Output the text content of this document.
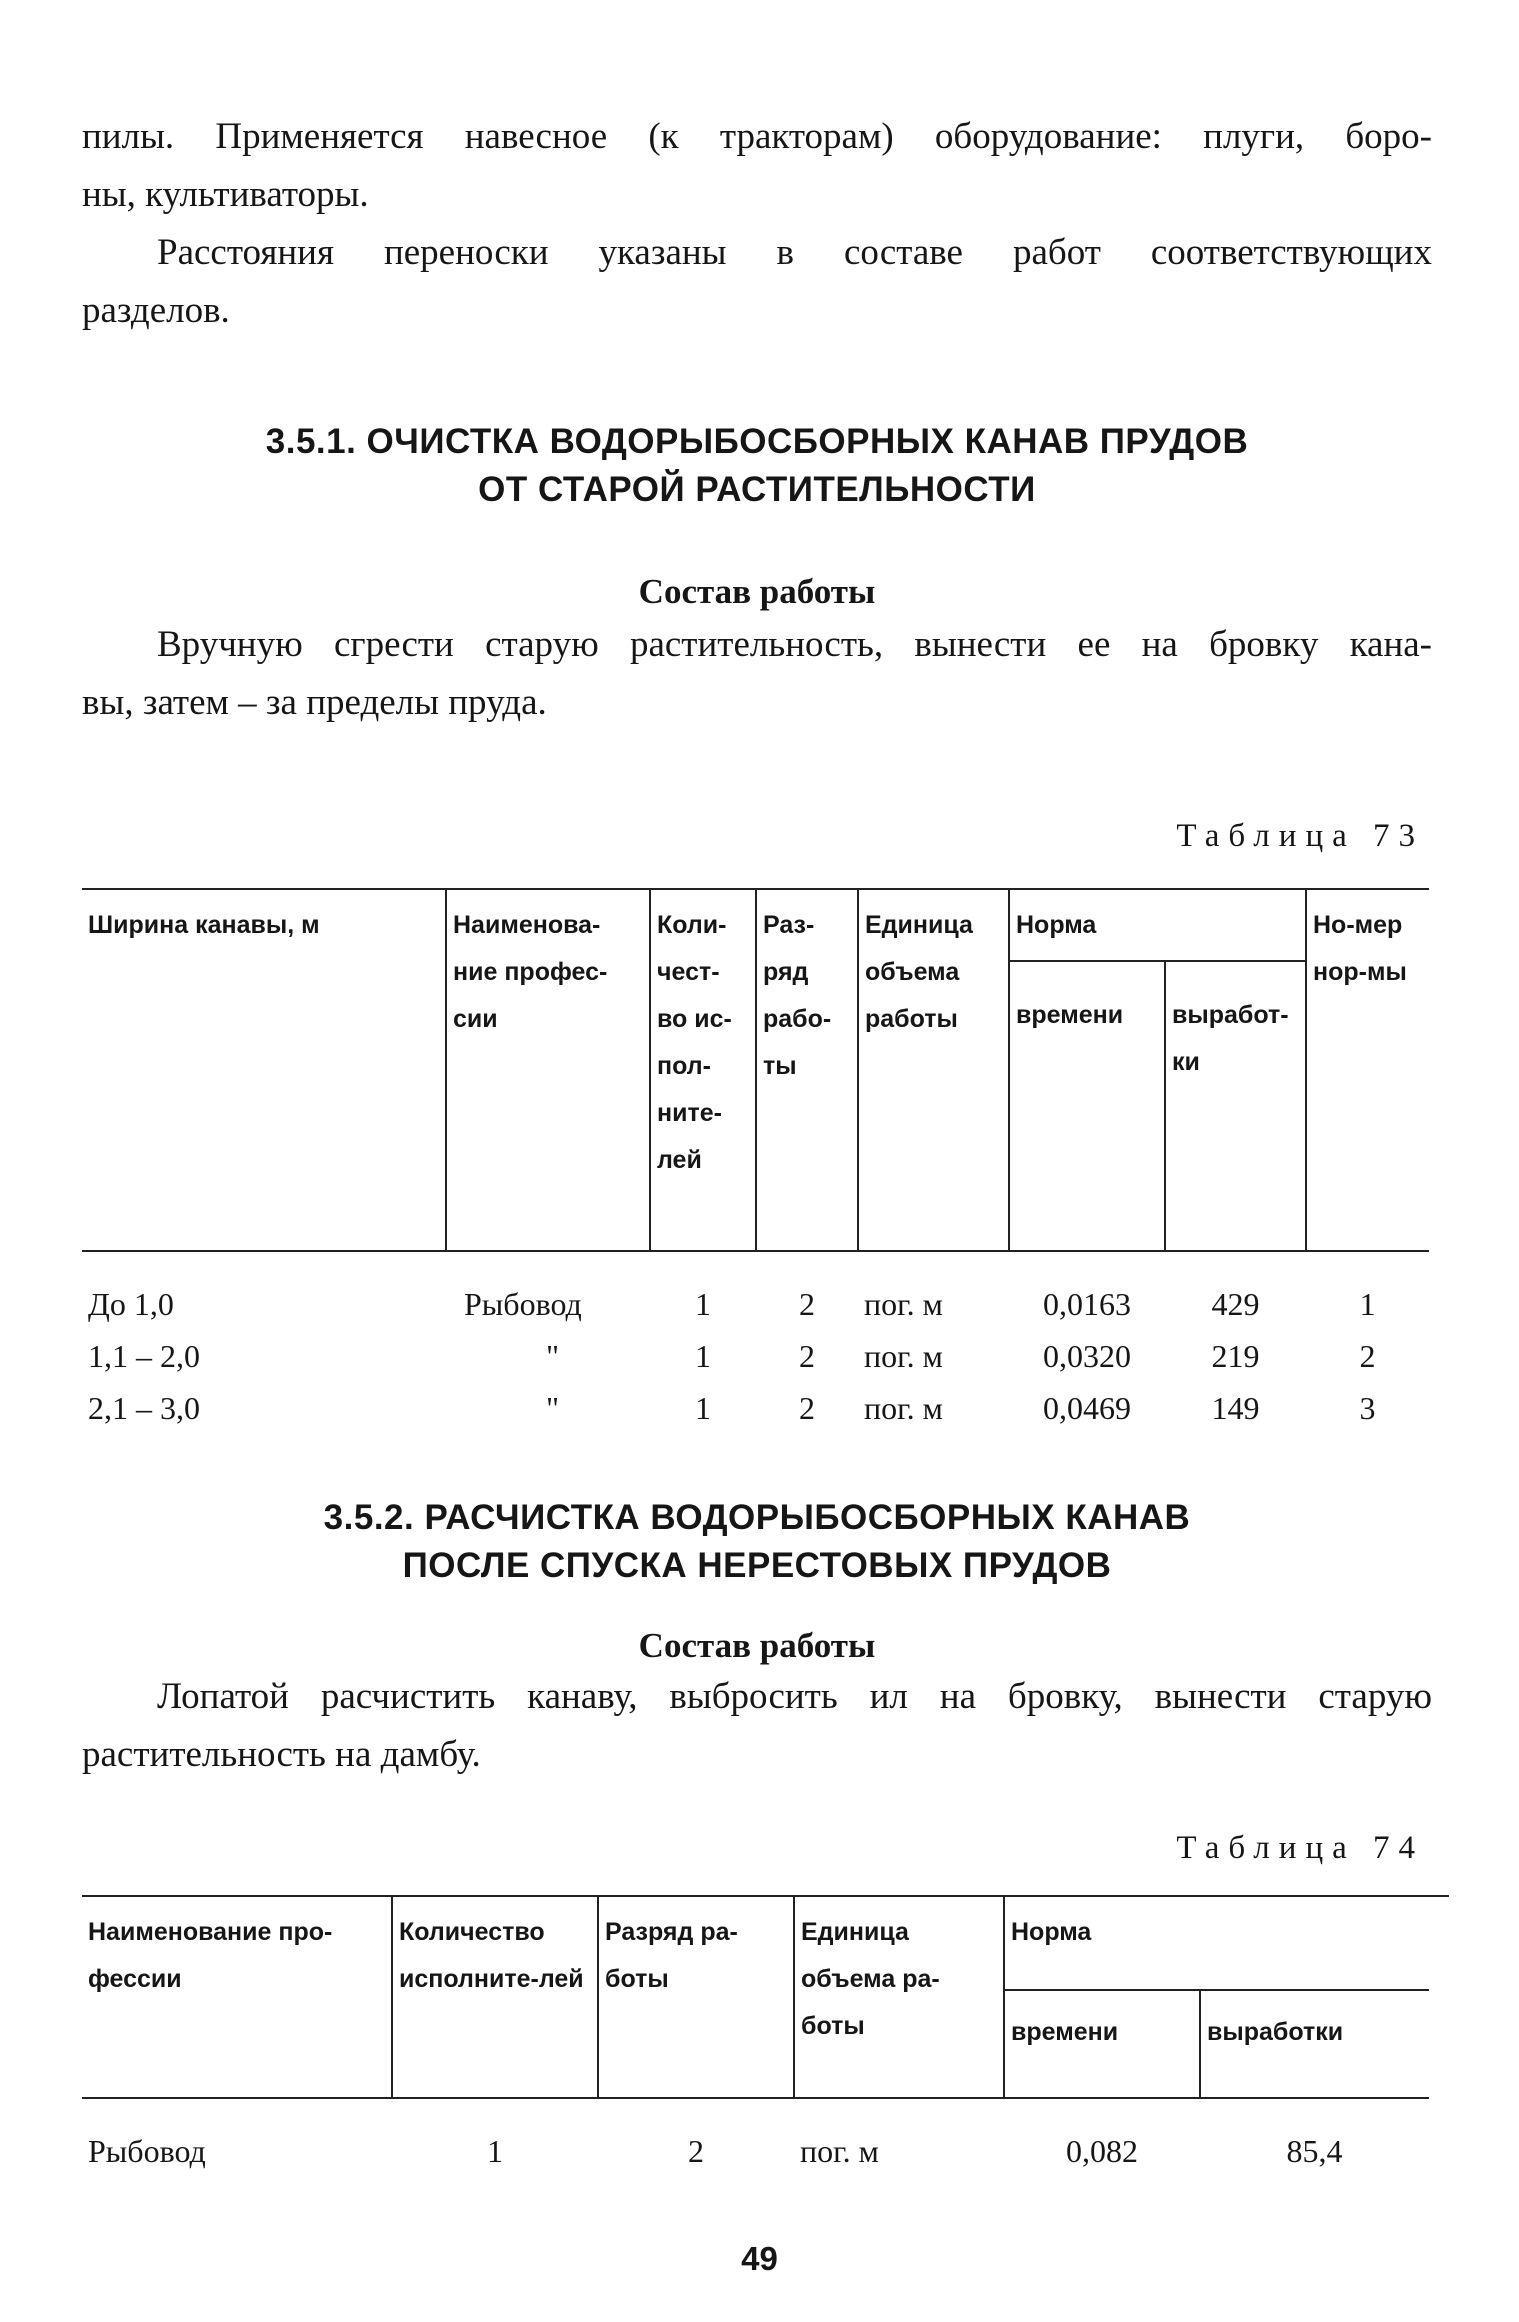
пилы. Применяется навесное (к тракторам) оборудование: плуги, боро-
ны, культиваторы.

Расстояния переноски указаны в составе работ соответствующих
разделов.

3.5.1. ОЧИСТКА ВОДОРЫБОСБОРНЫХ КАНАВ ПРУДОВ
ОТ СТАРОЙ РАСТИТЕЛЬНОСТИ
Состав работы

Вручную сгрести старую растительность, вынести ее на бровку кана-
вы, затем – за пределы пруда.

Таблица 73
Ширина канавы, м	Наименова-ние профес-сии	Коли-чест-во ис-пол-ните-лей	Раз-ряд рабо-ты	Единица объема работы	Норма		Но-мер нор-мы
					времени	выработ-ки	

До 1,0	Рыбовод	1	2	пог. м	0,0163	429	1
1,1 – 2,0	"	1	2	пог. м	0,0320	219	2
2,1 – 3,0	"	1	2	пог. м	0,0469	149	3
3.5.2. РАСЧИСТКА ВОДОРЫБОСБОРНЫХ КАНАВ
ПОСЛЕ СПУСКА НЕРЕСТОВЫХ ПРУДОВ
Состав работы

Лопатой расчистить канаву, выбросить ил на бровку, вынести старую
растительность на дамбу.

Таблица 74
Наименование про-фессии	Количество исполните-лей	Разряд ра-боты	Единица объема ра-боты	Норма	
				времени	выработки

Рыбовод	1	2	пог. м	0,082	85,4
49
